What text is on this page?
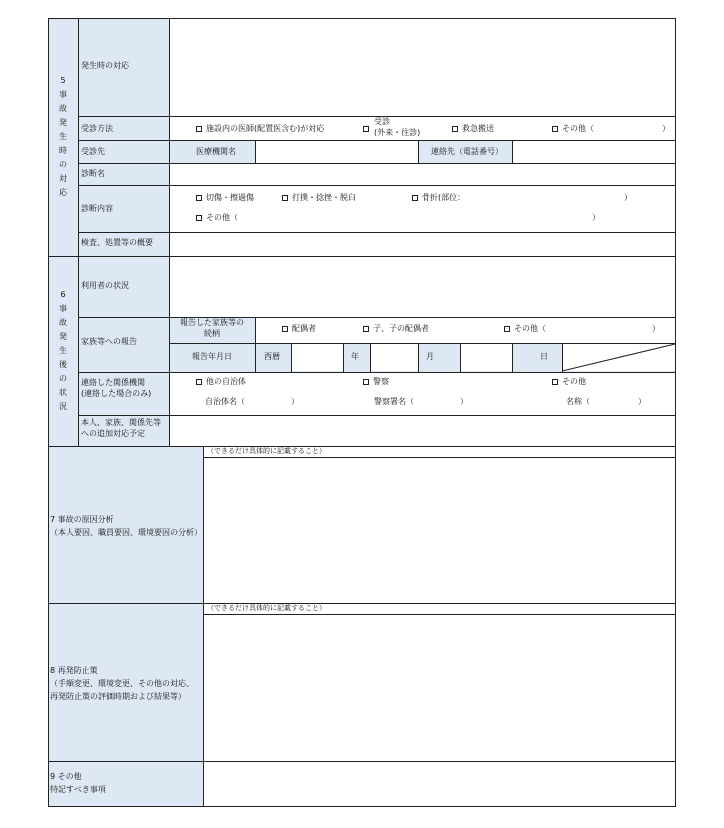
5
事
故
発
生
時
の
対
応
発生時の対応
受診方法	施設内の医師(配置医含む)が対応
受診
(外来・往診)	救急搬送	その他（	）
受診先	医療機関名	連絡先（電話番号）
診断名
診断内容
切傷・擦過傷	打撲・捻挫・脱臼	骨折(部位：	）
その他（	）
検査、処置等の概要
6
事
故
発
生
後
の
状
況
利用者の状況
家族等への報告
報告した家族等の
続柄
配偶者	子、子の配偶者	その他（	）
報告年月日	西暦	年	月	日
連絡した関係機関
(連絡した場合のみ)
他の自治体	警察	その他
自治体名（	）	警察署名（	）	名称（	）
本人、家族、関係先等
への追加対応予定
（できるだけ具体的に記載すること）
7 事故の原因分析
（本人要因、職員要因、環境要因の分析）
（できるだけ具体的に記載すること）
8 再発防止策
（手順変更、環境変更、その他の対応、
再発防止策の評価時期および結果等）
9 その他
特記すべき事項
